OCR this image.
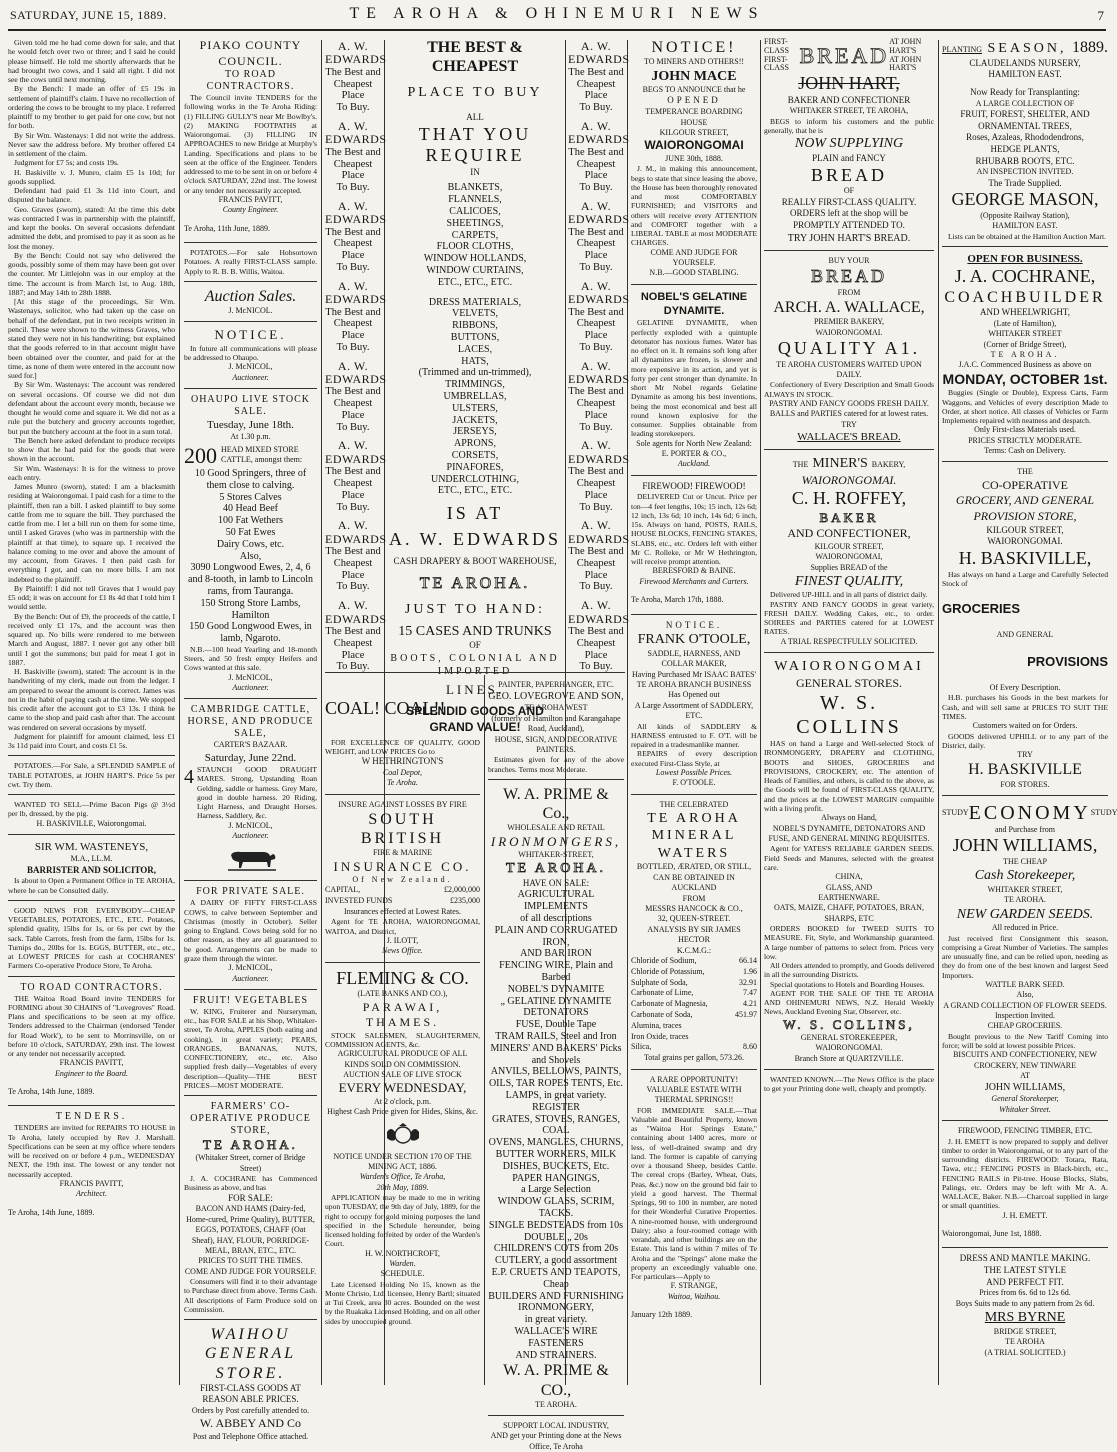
SATURDAY, JUNE 15, 1889.	TE AROHA & OHINEMURI NEWS	7

Given told me he had come down for sale, and that he would fetch over two or three; and I said he could please himself. He told me shortly afterwards that he had brought two cows, and I said all right. I did not see the cows until next morning.

By the Bench: I made an offer of £5 19s in settlement of plaintiff's claim. I have no recollection of ordering the cows to be brought to my place. I referred plaintiff to my brother to get paid for one cow, but not for both.

By Sir Wm. Wastenays: I did not write the address. Never saw the address before. My brother offered £4 in settlement of the claim.

Judgment for £7 5s; and costs 19s.

H. Baskiville v. J. Munro, claim £5 1s 10d; for goods supplied.

Defendant had paid £1 3s 11d into Court, and disputed the balance.

Geo. Graves (sworn), stated: At the time this debt was contracted I was in partnership with the plaintiff, and kept the books. On several occasions defendant admitted the debt, and promised to pay it as soon as he lost the money.

By the Bench: Could not say who delivered the goods, possibly some of them may have been got over the counter. Mr Littlejohn was in our employ at the time. The account is from March 1st, to Aug. 18th, 1887; and May 14th to 28th 1888.

[At this stage of the proceedings, Sir Wm. Wastenays, solicitor, who had taken up the case on behalf of the defendant, put in two receipts written in pencil. These were shown to the witness Graves, who stated they were not in his handwriting; but explained that the goods referred to in that account might have been obtained over the counter, and paid for at the time, as none of them were entered in the account now sued for.]

By Sir Wm. Wastenays: The account was rendered on several occasions. Of course we did not dun defendant about the account every month, because we thought he would come and square it. We did not as a rule put the butchery and grocery accounts together, but put the butchery account at the foot in a sum total.

The Bench here asked defendant to produce receipts to show that he had paid for the goods that were shown in the account.

Sir Wm. Wastenays: It is for the witness to prove each entry.

James Munro (sworn), stated: I am a blacksmith residing at Waiorongomai. I paid cash for a time to the plaintiff, then ran a bill. I asked plaintiff to buy some cattle from me to square the bill. They purchased the cattle from me. I let a bill run on them for some time, until I asked Graves (who was in partnership with the plaintiff at that time), to square up. I received the balance coming to me over and above the amount of my account, from Graves. I then paid cash for everything I got, and can no more bills. I am not indebted to the plaintiff.

By Plaintiff: I did not tell Graves that I would pay £5 odd; it was on account for £1 8s 4d that I told him I would settle.

By the Bench: Out of £9, the proceeds of the cattle, I received only £1 17s, and the account was then squared up. No bills were rendered to me between March and August, 1887. I never got any other bill until I got the summons; but paid for meat I got in 1887.

H. Baskiville (sworn), stated: The account is in the handwriting of my clerk, made out from the ledger. I am prepared to swear the amount is correct. James was not in the habit of paying cash at the time. We stopped his credit after the account got to £3 13s. I think he came to the shop and paid cash after that. The account was rendered on several occasions by myself.

Judgment for plaintiff for amount claimed, less £1 3s 11d paid into Court, and costs £1 5s.

POTATOES.—For Sale, a SPLENDID SAMPLE of TABLE POTATOES, at JOHN HART'S. Price 5s per cwt. Try them.

WANTED TO SELL—Prime Bacon Pigs @ 3½d per lb, dressed, by the pig.

H. BASKIVILLE, Waiorongomai.

SIR WM. WASTENEYS,

M.A., LL.M.

BARRISTER AND SOLICITOR,

Is about to Open a Permanent Office in TE AROHA, where he can be Consulted daily.

GOOD NEWS FOR EVERYBODY—CHEAP VEGETABLES, POTATOES, ETC., ETC. Potatoes, splendid quality, 15lbs for 1s, or 6s per cwt by the sack. Table Carrots, fresh from the farm, 15lbs for 1s. Turnips do., 20lbs for 1s. EGGS, BUTTER, etc., etc., at LOWEST PRICES for cash at COCHRANES' Farmers Co-operative Produce Store, Te Aroha.

TO ROAD CONTRACTORS.

THE Waitoa Road Board invite TENDERS for FORMING about 30 CHAINS of "Lovegroves" Road. Plans and specifications to be seen at my office. Tenders addressed to the Chairman (endorsed 'Tender for Road Work'), to be sent to Morrinsville, on or before 10 o'clock, SATURDAY, 29th inst. The lowest or any tender not necessarily accepted.

FRANCIS PAVITT,

Engineer to the Board.

Te Aroha, 14th June, 1889.

TENDERS.

TENDERS are invited for REPAIRS TO HOUSE in Te Aroha, lately occupied by Rev J. Marshall. Specifications can be seen at my office where tenders will be received on or before 4 p.m., WEDNESDAY NEXT, the 19th inst. The lowest or any tender not necessarily accepted.

FRANCIS PAVITT,

Architect.

Te Aroha, 14th June, 1889.

PIAKO COUNTY COUNCIL.

TO ROAD CONTRACTORS.

The Council invite TENDERS for the following works in the Te Aroha Riding: (1) FILLING GULLY'S near Mr Bowlby's. (2) MAKING FOOTPATHS at Waiorongomai. (3) FILLING IN APPROACHES to new Bridge at Murphy's Landing. Specifications and plans to be seen at the office of the Engineer. Tenders addressed to me to be sent in on or before 4 o'clock SATURDAY, 22nd inst. The lowest or any tender not necessarily accepted.

FRANCIS PAVITT,

County Engineer.

Te Aroha, 11th June, 1889.

POTATOES.—For sale Hobsortown Potatoes. A really FIRST-CLASS sample. Apply to R. B. B. Willis, Waitoa.

Auction Sales.

J. McNICOL.

NOTICE.

In future all communications will please be addressed to Ohaupo.

J. McNICOL,

Auctioneer.

OHAUPO LIVE STOCK SALE.

Tuesday, June 18th.

At 1.30 p.m.

200 HEAD MIXED STORE CATTLE, amongst them:

10 Good Springers, three of them close to calving.

5 Stores Calves

40 Head Beef

100 Fat Wethers

50 Fat Ewes

Dairy Cows, etc.

Also,

3090 Longwood Ewes, 2, 4, 6 and 8-tooth, in lamb to Lincoln rams, from Tauranga.

150 Strong Store Lambs, Hamilton

150 Good Longwood Ewes, in lamb, Ngaroto.

N.B.—100 head Yearling and 18-month Steers, and 50 fresh empty Heifers and Cows wanted at this sale.

J. McNICOL,

Auctioneer.

CAMBRIDGE CATTLE, HORSE, AND PRODUCE SALE,

CARTER'S BAZAAR.

Saturday, June 22nd.

4 STAUNCH GOOD DRAUGHT MARES. Strong, Upstanding Roan Gelding, saddle or harness. Grey Mare, good in double harness. 20 Riding, Light Harness, and Draught Horses. Harness, Saddlery, &c.

J. McNICOL,

Auctioneer.

FOR PRIVATE SALE.

A DAIRY OF FIFTY FIRST-CLASS COWS, to calve between September and Christmas (mostly in October). Seller going to England. Cows being sold for no other reason, as they are all guaranteed to be good. Arrangements can be made to graze them through the winter.

J. McNICOL,

Auctioneer.

FRUIT! VEGETABLES

W. KING, Fruiterer and Nurseryman, etc., has FOR SALE at his Shop, Whitaker-street, Te Aroha, APPLES (both eating and cooking), in great variety; PEARS, ORANGES, BANANAS, NUTS, CONFECTIONERY, etc., etc. Also supplied fresh daily—Vegetables of every description—Quality—THE BEST PRICES—MOST MODERATE.

FARMERS' CO-OPERATIVE PRODUCE STORE,

TE AROHA.

(Whitaker Street, corner of Bridge Street)

J. A. COCHRANE has Commenced Business as above, and has

FOR SALE:

BACON AND HAMS (Dairy-fed, Home-cured, Prime Quality), BUTTER, EGGS, POTATOES, CHAFF (Oat Sheaf), HAY, FLOUR, PORRIDGE-MEAL, BRAN, ETC., ETC.

PRICES TO SUIT THE TIMES.

COME AND JUDGE FOR YOURSELF.

Consumers will find it to their advantage to Purchase direct from above. Terms Cash. All descriptions of Farm Produce sold on Commission.

WAIHOU GENERAL STORE.

FIRST-CLASS GOODS AT REASON ABLE PRICES.

Orders by Post carefully attended to.

W. ABBEY AND Co

Post and Telephone Office attached.

A. W.
EDWARDS
The Best and
Cheapest
Place
To Buy.
A. W.
EDWARDS
The Best and
Cheapest
Place
To Buy.
A. W.
EDWARDS
The Best and
Cheapest
Place
To Buy.
A. W.
EDWARDS
The Best and
Cheapest
Place
To Buy.
A. W.
EDWARDS
The Best and
Cheapest
Place
To Buy.
A. W.
EDWARDS
The Best and
Cheapest
Place
To Buy.
A. W.
EDWARDS
The Best and
Cheapest
Place
To Buy.
A. W.
EDWARDS
The Best and
Cheapest
Place
To Buy.

THE BEST & CHEAPEST

PLACE TO BUY

ALL

THAT YOU REQUIRE

IN

BLANKETS,

FLANNELS,

CALICOES,

SHEETINGS,

CARPETS,

FLOOR CLOTHS,

WINDOW HOLLANDS,

WINDOW CURTAINS,

ETC., ETC., ETC.

DRESS MATERIALS,

VELVETS,

RIBBONS,

BUTTONS,

LACES,

HATS,

(Trimmed and un-trimmed),

TRIMMINGS,

UMBRELLAS,

ULSTERS,

JACKETS,

JERSEYS,

APRONS,

CORSETS,

PINAFORES,

UNDERCLOTHING,

ETC., ETC., ETC.

IS AT

A. W. EDWARDS

CASH DRAPERY & BOOT WAREHOUSE,

TE AROHA.

JUST TO HAND:

15 CASES AND TRUNKS

OF

BOOTS, COLONIAL AND IMPORTED

LINES.

SPLENDID GOODS AND

GRAND VALUE!

A. W.
EDWARDS
The Best and
Cheapest
Place
To Buy.
A. W.
EDWARDS
The Best and
Cheapest
Place
To Buy.
A. W.
EDWARDS
The Best and
Cheapest
Place
To Buy.
A. W.
EDWARDS
The Best and
Cheapest
Place
To Buy.
A. W.
EDWARDS
The Best and
Cheapest
Place
To Buy.
A. W.
EDWARDS
The Best and
Cheapest
Place
To Buy.
A. W.
EDWARDS
The Best and
Cheapest
Place
To Buy.
A. W.
EDWARDS
The Best and
Cheapest
Place
To Buy.

COAL! COAL!!

FOR EXCELLENCE OF QUALITY, GOOD WEIGHT, and LOW PRICES Go to

W HETHRINGTON'S

Coal Depot,

Te Aroha.

INSURE AGAINST LOSSES BY FIRE

SOUTH BRITISH

FIRE & MARINE

INSURANCE CO.

Of New Zealand.

CAPITAL,	£2,000,000
INVESTED FUNDS	£235,000

Insurances effected at Lowest Rates.

Agent for TE AROHA, WAIORONGOMAI, WAITOA, and District,

J. ILOTT,

News Office.

FLEMING & CO.

(LATE BANKS AND CO.),

PARAWAI, THAMES.

STOCK SALESMEN, SLAUGHTERMEN, COMMISSION AGENTS, &c.

AGRICULTURAL PRODUCE OF ALL KINDS SOLD ON COMMISSION.

AUCTION SALE OF LIVE STOCK

EVERY WEDNESDAY,

At 2 o'clock, p.m.

Highest Cash Price given for Hides, Skins, &c.

NOTICE UNDER SECTION 170 OF THE MINING ACT, 1886.

Warden's Office, Te Aroha,

20th May, 1889.

APPLICATION may be made to me in writing upon TUESDAY, the 9th day of July, 1889, for the right to occupy for gold mining purposes the land specified in the Schedule hereunder, being licensed holding forfeited by order of the Warden's Court.

H. W. NORTHCROFT,

Warden.

SCHEDULE.

Late Licensed Holding No 15, known as the Monte Christo, Ltd. licensee, Henry Bartl; situated at Tui Creek, area 30 acres. Bounded on the west by the Ruakaka Licensed Holding, and on all other sides by unoccupied ground.

PAINTER, PAPERHANGER, ETC.

GEO. LOVEGROVE AND SON,

TE AROHA WEST

(formerly of Hamilton and Karangahape Road, Auckland),

HOUSE, SIGN, AND DECORATIVE PAINTERS.

Estimates given for any of the above branches. Terms most Moderate.

W. A. PRIME & Co.,

WHOLESALE AND RETAIL

IRONMONGERS,

WHITAKER-STREET,

TE AROHA.

HAVE ON SALE:

AGRICULTURAL IMPLEMENTS

of all descriptions

PLAIN AND CORRUGATED IRON,

AND BAR IRON

FENCING WIRE, Plain and Barbed

NOBEL'S DYNAMITE

„ GELATINE DYNAMITE

DETONATORS

FUSE, Double Tape

TRAM RAILS, Steel and Iron

MINERS' AND BAKERS' Picks and Shovels

ANVILS, BELLOWS, PAINTS,

OILS, TAR ROPES TENTS, Etc.

LAMPS, in great variety. REGISTER

GRATES, STOVES, RANGES, COAL

OVENS, MANGLES, CHURNS,

BUTTER WORKERS, MILK

DISHES, BUCKETS, Etc.

PAPER HANGINGS,

a Large Selection

WINDOW GLASS, SCRIM, TACKS.

SINGLE BEDSTEADS from 10s

DOUBLE „ 20s

CHILDREN'S COTS from 20s

CUTLERY, a good assortment

E.P. CRUETS AND TEAPOTS,

Cheap

BUILDERS AND FURNISHING

IRONMONGERY,

in great variety.

WALLACE'S WIRE FASTENERS

AND STRAINERS.

W. A. PRIME & CO.,

TE AROHA.

SUPPORT LOCAL INDUSTRY,

AND get your Printing done at the News Office, Te Aroha

NOTICE!

TO MINERS AND OTHERS!!

JOHN MACE

BEGS TO ANNOUNCE that he

OPENED

TEMPERANCE BOARDING HOUSE

KILGOUR STREET,

WAIORONGOMAI

JUNE 30th, 1888.

J. M., in making this announcement, begs to state that since leasing the above, the House has been thoroughly renovated and most COMFORTABLY FURNISHED; and VISITORS and others will receive every ATTENTION and COMFORT together with a LIBERAL TABLE at most MODERATE CHARGES.

COME AND JUDGE FOR YOURSELF.

N.B.—GOOD STABLING.

NOBEL'S GELATINE DYNAMITE.

GELATINE DYNAMITE, when perfectly exploded with a quintuple detonator has noxious fumes. Water has no effect on it. It remains soft long after all dynamites are frozen, is slower and more expensive in its action, and yet is forty per cent stronger than dynamite. In short Mr Nobel regards Gelatine Dynamite as among his best inventions, being the most economical and best all round known explosive for the consumer. Supplies obtainable from leading storekeepers.

Sole agents for North New Zealand:

E. PORTER & CO.,

Auckland.

FIREWOOD! FIREWOOD!

DELIVERED Cut or Uncut. Price per ton—4 feet lengths, 10s; 15 inch, 12s 6d; 12 inch, 13s 6d; 10 inch, 14s 6d; 6 inch, 15s. Always on hand, POSTS, RAILS, HOUSE BLOCKS, FENCING STAKES, SLABS, etc., etc. Orders left with either Mr C. Rolleke, or Mr W Hethrington, will receive prompt attention.

BERESFORD & BAINE.

Firewood Merchants and Carters.

Te Aroha, March 17th, 1888.

NOTICE.

FRANK O'TOOLE,

SADDLE, HARNESS, AND COLLAR MAKER,

Having Purchased Mr ISAAC BATES'

TE AROHA BRANCH BUSINESS

Has Opened out

A Large Assortment of SADDLERY, ETC.

All kinds of SADDLERY & HARNESS entrusted to F. O'T. will be repaired in a tradesmanlike manner.

REPAIRS of every description executed First-Class Style, at

Lowest Possible Prices.

F. O'TOOLE.

THE CELEBRATED

TE AROHA

MINERAL WATERS

BOTTLED, ÆRATED, OR STILL,

CAN BE OBTAINED IN AUCKLAND

FROM

MESSRS HANCOCK & CO.,

32, QUEEN-STREET.

ANALYSIS BY SIR JAMES HECTOR

K.C.M.G.:

Chloride of Sodium,	66.14
Chloride of Potassium,	1.96
Sulphate of Soda,	32.91
Carbonate of Lime,	7.47
Carbonate of Magnesia,	4.21
Carbonate of Soda,	451.97
Alumina, traces
Iron Oxide, traces
Silica,	8.60

Total grains per gallon, 573.26.

A RARE OPPORTUNITY!

VALUABLE ESTATE WITH THERMAL SPRINGS!!

FOR IMMEDIATE SALE.—That Valuable and Beautiful Property, known as "Waitoa Hot Springs Estate," containing about 1400 acres, more or less, of well-drained swamp and dry land. The former is capable of carrying over a thousand Sheep, besides Cattle. The cereal crops (Barley, Wheat, Oats, Peas, &c.) now on the ground bid fair to yield a good harvest. The Thermal Springs, 90 to 100 in number, are noted for their Wonderful Curative Properties. A nine-roomed house, with underground Dairy; also a four-roomed cottage with verandah, and other buildings are on the Estate. This land is within 7 miles of Te Aroha and the "Springs" alone make the property an exceedingly valuable one. For particulars—Apply to

F. STRANGE,

Waitoa, Waihou.

January 12th 1889.

FIRST-CLASS
FIRST-CLASS BREAD
AT JOHN HART'S
AT JOHN HART'S

JOHN HART,

BAKER AND CONFECTIONER

WHITAKER STREET, TE AROHA,

BEGS to inform his customers and the public generally, that he is

NOW SUPPLYING

PLAIN and FANCY

BREAD

OF

REALLY FIRST-CLASS QUALITY.

ORDERS left at the shop will be

PROMPTLY ATTENDED TO.

TRY JOHN HART'S BREAD.

BUY YOUR

BREAD

FROM

ARCH. A. WALLACE,

PREMIER BAKERY,

WAIORONGOMAI.

QUALITY A1.

TE AROHA CUSTOMERS WAITED UPON DAILY.

Confectionery of Every Description and Small Goods ALWAYS IN STOCK.

PASTRY AND FANCY GOODS FRESH DAILY.

BALLS and PARTIES catered for at lowest rates.

TRY

WALLACE'S BREAD.

THE MINER'S BAKERY,

WAIORONGOMAI.

C. H. ROFFEY,

BAKER

AND CONFECTIONER,

KILGOUR STREET,

WAIORONGOMAI,

Supplies BREAD of the

FINEST QUALITY,

Delivered UP-HILL and in all parts of district daily.

PASTRY AND FANCY GOODS in great variety, FRESH DAILY. Wedding Cakes, etc., to order. SOIREES and PARTIES catered for at LOWEST RATES.

A TRIAL RESPECTFULLY SOLICITED.

WAIORONGOMAI

GENERAL STORES.

W. S. COLLINS

HAS on hand a Large and Well-selected Stock of IRONMONGERY, DRAPERY and CLOTHING, BOOTS and SHOES, GROCERIES and PROVISIONS, CROCKERY, etc. The attention of Heads of Families, and others, is called to the above, as the Goods will be found of FIRST-CLASS QUALITY, and the prices at the LOWEST MARGIN compatible with a living profit.

Always on Hand,

NOBEL'S DYNAMITE, DETONATORS AND FUSE, AND GENERAL MINING REQUISITES.

Agent for YATES'S RELIABLE GARDEN SEEDS. Field Seeds and Manures, selected with the greatest care.

CHINA,

GLASS, AND

EARTHENWARE.

OATS, MAIZE, CHAFF, POTATOES, BRAN, SHARPS, ETC

ORDERS BOOKED for TWEED SUITS TO MEASURE. Fit, Style, and Workmanship guaranteed. A large number of patterns to select from. Prices very low.

All Orders attended to promptly, and Goods delivered in all the surrounding Districts.

Special quotations to Hotels and Boarding Houses.

AGENT FOR THE SALE OF THE TE AROHA AND OHINEMURI NEWS, N.Z. Herald Weekly News, Auckland Evening Star, Observer, etc.

W. S. COLLINS,

GENERAL STOREKEEPER,

WAIORONGOMAI.

Branch Store at QUARTZVILLE.

WANTED KNOWN.—The News Office is the place to get your Printing done well, cheaply and promptly.

PLANTING SEASON, 1889.

CLAUDELANDS NURSERY,

HAMILTON EAST.

Now Ready for Transplanting:

A LARGE COLLECTION OF

FRUIT, FOREST, SHELTER, AND ORNAMENTAL TREES,

Roses, Azaleas, Rhododendrons,

HEDGE PLANTS,

RHUBARB ROOTS, ETC.

AN INSPECTION INVITED.

The Trade Supplied.

GEORGE MASON,

(Opposite Railway Station),

HAMILTON EAST.

Lists can be obtained at the Hamilton Auction Mart.

OPEN FOR BUSINESS.

J. A. COCHRANE,

COACHBUILDER

AND WHEELWRIGHT,

(Late of Hamilton),

WHITAKER STREET

(Corner of Bridge Street),

TE AROHA.

J.A.C. Commenced Business as above on

MONDAY, OCTOBER 1st.

Buggies (Single or Double), Express Carts, Farm Waggons, and Vehicles of every description Made to Order, at short notice. All classes of Vehicles or Farm Implements repaired with neatness and despatch.

Only First-class Materials used.

PRICES STRICTLY MODERATE.

Terms: Cash on Delivery.

THE

CO-OPERATIVE

GROCERY, AND GENERAL

PROVISION STORE,

KILGOUR STREET,

WAIORONGOMAI.

H. BASKIVILLE,

Has always on hand a Large and Carefully Selected Stock of

GROCERIES

AND GENERAL

PROVISIONS

Of Every Description.

H.B. purchases his Goods in the best markets for Cash, and will sell same at PRICES TO SUIT THE TIMES.

Customers waited on for Orders.

GOODS delivered UPHILL or to any part of the District, daily.

TRY

H. BASKIVILLE

FOR STORES.

STUDY ECONOMY STUDY

and Purchase from

JOHN WILLIAMS,

THE CHEAP

Cash Storekeeper,

WHITAKER STREET,

TE AROHA.

NEW GARDEN SEEDS.

All reduced in Price.

Just received first Consignment this season, comprising a Great Number of Varieties. The samples are unusually fine, and can be relied upon, needing as they do from one of the best known and largest Seed Importers.

WATTLE BARK SEED.

Also,

A GRAND COLLECTION OF FLOWER SEEDS. Inspection Invited.

CHEAP GROCERIES.

Bought previous to the New Tariff Coming into force; will be sold at lowest possible Prices.

BISCUITS AND CONFECTIONERY, NEW CROCKERY, NEW TINWARE

AT

JOHN WILLIAMS,

General Storekeeper,

Whitaker Street.

FIREWOOD, FENCING TIMBER, ETC.

J. H. EMETT is now prepared to supply and deliver timber to order in Waiorongomai, or to any part of the surrounding districts. FIREWOOD: Totara, Rata, Tawa, etc.; FENCING POSTS in Black-birch, etc., FENCING RAILS in Pit-tree. House Blocks, Slabs, Palings, etc. Orders may be left with Mr A. A. WALLACE, Baker. N.B.—Charcoal supplied in large or small quantities.

J. H. EMETT.

Waiorongomai, June 1st, 1888.

DRESS AND MANTLE MAKING.

THE LATEST STYLE

AND PERFECT FIT.

Prices from 6s. 6d to 12s 6d.

Boys Suits made to any pattern from 2s 6d.

MRS BYRNE

BRIDGE STREET,

TE AROHA

(A TRIAL SOLICITED.)
